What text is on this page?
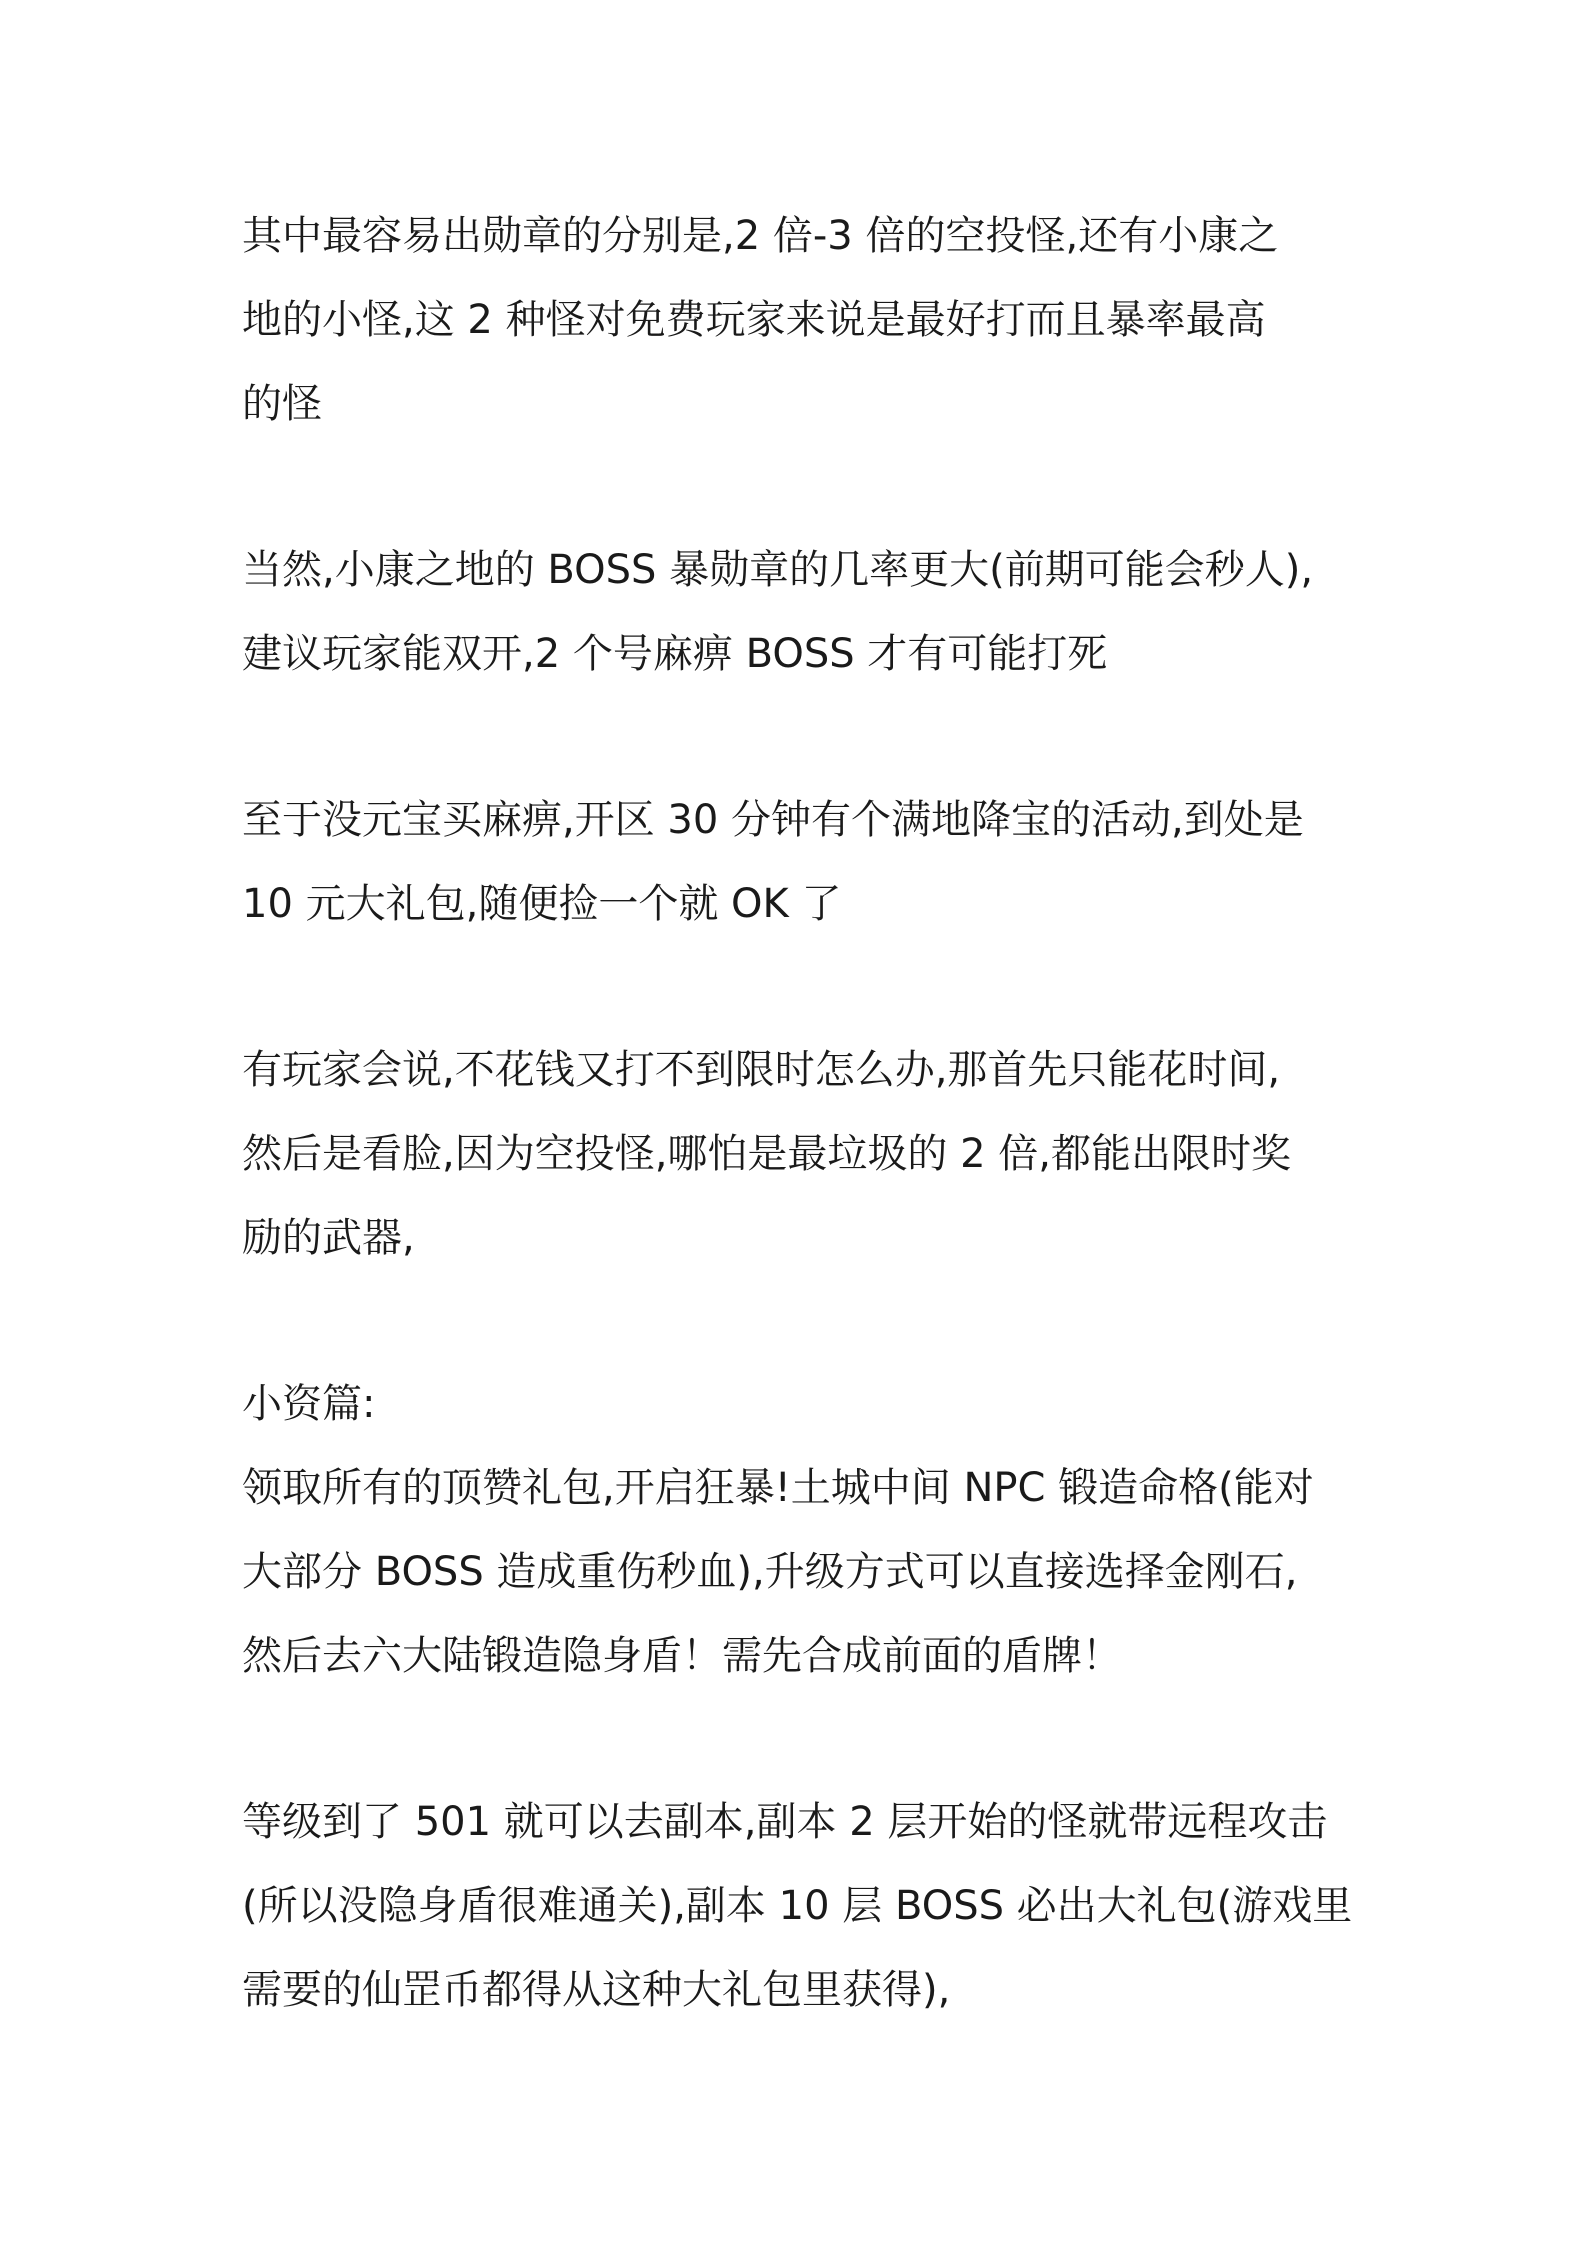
其中最容易出勋章的分别是,2 倍-3 倍的空投怪,还有小康之
地的小怪,这 2 种怪对免费玩家来说是最好打而且暴率最高
的怪
当然,小康之地的 BOSS 暴勋章的几率更大(前期可能会秒人),
建议玩家能双开,2 个号麻痹 BOSS 才有可能打死
至于没元宝买麻痹,开区 30 分钟有个满地降宝的活动,到处是
10 元大礼包,随便捡一个就 OK 了
有玩家会说,不花钱又打不到限时怎么办,那首先只能花时间,
然后是看脸,因为空投怪,哪怕是最垃圾的 2 倍,都能出限时奖
励的武器,
小资篇:
领取所有的顶赞礼包,开启狂暴!土城中间 NPC 锻造命格(能对
大部分 BOSS 造成重伤秒血),升级方式可以直接选择金刚石,
然后去六大陆锻造隐身盾！需先合成前面的盾牌！
等级到了 501 就可以去副本,副本 2 层开始的怪就带远程攻击
(所以没隐身盾很难通关),副本 10 层 BOSS 必出大礼包(游戏里
需要的仙罡币都得从这种大礼包里获得),
